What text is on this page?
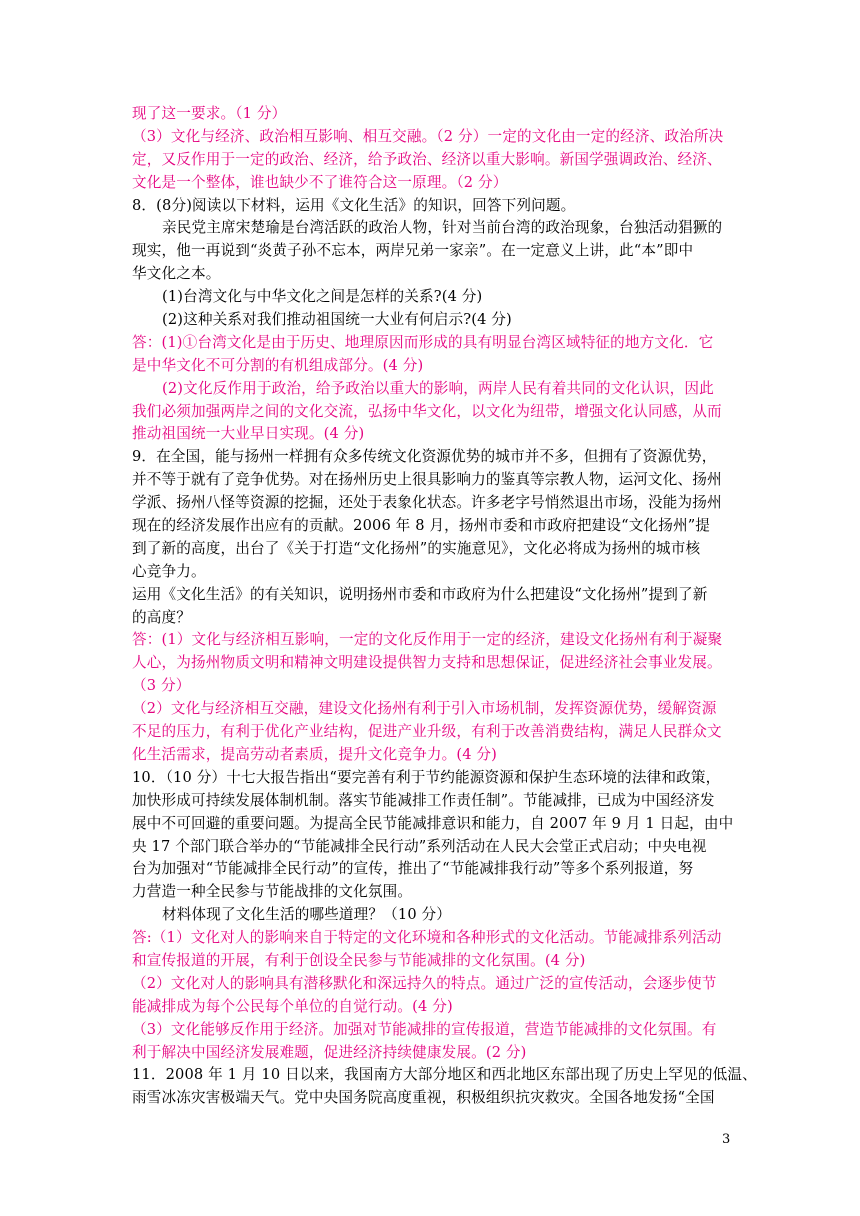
现了这一要求。（1 分）
（3）文化与经济、政治相互影响、相互交融。（2 分）一定的文化由一定的经济、政治所决
定，又反作用于一定的政治、经济，给予政治、经济以重大影响。新国学强调政治、经济、
文化是一个整体，谁也缺少不了谁符合这一原理。（2 分）
8．(8分)阅读以下材料，运用《文化生活》的知识，回答下列问题。
亲民党主席宋楚瑜是台湾活跃的政治人物，针对当前台湾的政治现象，台独活动猖獗的
现实，他一再说到“炎黄子孙不忘本，两岸兄弟一家亲”。在一定意义上讲，此“本”即中
华文化之本。
(1)台湾文化与中华文化之间是怎样的关系?(4 分)
(2)这种关系对我们推动祖国统一大业有何启示?(4 分)
答：(1)①台湾文化是由于历史、地理原因而形成的具有明显台湾区域特征的地方文化．它
是中华文化不可分割的有机组成部分。(4 分)
(2)文化反作用于政治，给予政治以重大的影响，两岸人民有着共同的文化认识，因此
我们必须加强两岸之间的文化交流，弘扬中华文化，以文化为纽带，增强文化认同感，从而
推动祖国统一大业早日实现。(4 分)
9．在全国，能与扬州一样拥有众多传统文化资源优势的城市并不多，但拥有了资源优势，
并不等于就有了竞争优势。对在扬州历史上很具影响力的鉴真等宗教人物，运河文化、扬州
学派、扬州八怪等资源的挖掘，还处于表象化状态。许多老字号悄然退出市场，没能为扬州
现在的经济发展作出应有的贡献。2006 年 8 月，扬州市委和市政府把建设“文化扬州”提
到了新的高度，出台了《关于打造“文化扬州”的实施意见》，文化必将成为扬州的城市核
心竞争力。
运用《文化生活》的有关知识，说明扬州市委和市政府为什么把建设“文化扬州”提到了新
的高度？
答：(1）文化与经济相互影响，一定的文化反作用于一定的经济，建设文化扬州有利于凝聚
人心，为扬州物质文明和精神文明建设提供智力支持和思想保证，促进经济社会事业发展。
（3 分）
（2）文化与经济相互交融，建设文化扬州有利于引入市场机制，发挥资源优势，缓解资源
不足的压力，有利于优化产业结构，促进产业升级，有利于改善消费结构，满足人民群众文
化生活需求，提高劳动者素质，提升文化竞争力。(4 分)
10．（10 分）十七大报告指出“要完善有利于节约能源资源和保护生态环境的法律和政策，
加快形成可持续发展体制机制。落实节能减排工作责任制”。节能减排，已成为中国经济发
展中不可回避的重要问题。为提高全民节能减排意识和能力，自 2007 年 9 月 1 日起，由中
央 17 个部门联合举办的“节能减排全民行动”系列活动在人民大会堂正式启动；中央电视
台为加强对“节能减排全民行动”的宣传，推出了“节能减排我行动”等多个系列报道，努
力营造一种全民参与节能战排的文化氛围。
材料体现了文化生活的哪些道理？（10 分）
答:（1）文化对人的影响来自于特定的文化环境和各种形式的文化活动。节能减排系列活动
和宣传报道的开展，有利于创设全民参与节能减排的文化氛围。(4 分)
（2）文化对人的影响具有潜移默化和深远持久的特点。通过广泛的宣传活动，会逐步使节
能减排成为每个公民每个单位的自觉行动。(4 分)
（3）文化能够反作用于经济。加强对节能减排的宣传报道，营造节能减排的文化氛围。有
利于解决中国经济发展难题，促进经济持续健康发展。(2 分)
11．2008 年 1 月 10 日以来，我国南方大部分地区和西北地区东部出现了历史上罕见的低温、
雨雪冰冻灾害极端天气。党中央国务院高度重视，积极组织抗灾救灾。全国各地发扬“全国
3
